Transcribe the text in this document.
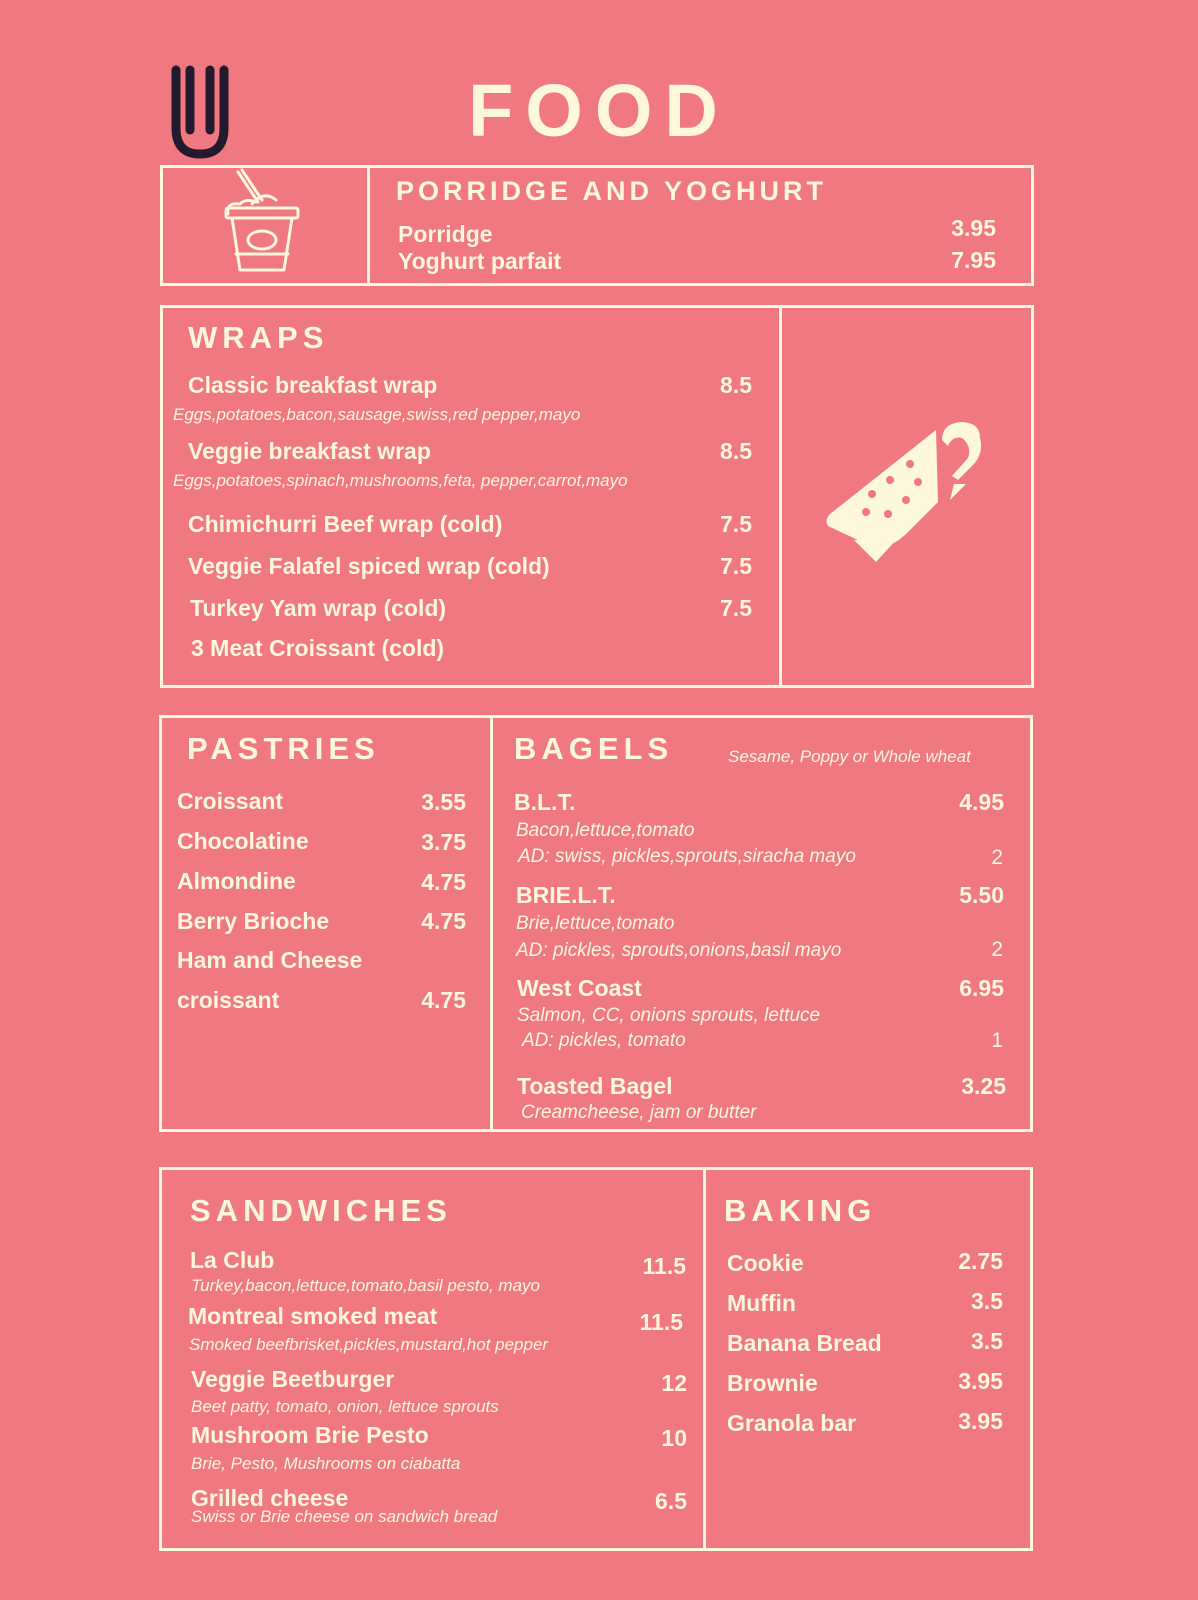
FOOD
PORRIDGE AND YOGHURT
Porridge	3.95
Yoghurt parfait	7.95
WRAPS
Classic breakfast wrap	8.5
Eggs,potatoes,bacon,sausage,swiss,red pepper,mayo
Veggie breakfast wrap	8.5
Eggs,potatoes,spinach,mushrooms,feta, pepper,carrot,mayo
Chimichurri Beef wrap (cold)	7.5
Veggie Falafel spiced wrap (cold)	7.5
Turkey Yam wrap (cold)	7.5
3 Meat Croissant (cold)
PASTRIES
Croissant	3.55
Chocolatine	3.75
Almondine	4.75
Berry Brioche	4.75
Ham and Cheese
croissant	4.75
BAGELS	Sesame, Poppy or Whole wheat
B.L.T.	4.95
Bacon,lettuce,tomato
AD: swiss, pickles,sprouts,siracha mayo	2
BRIE.L.T.	5.50
Brie,lettuce,tomato
AD: pickles, sprouts,onions,basil mayo	2
West Coast	6.95
Salmon, CC, onions sprouts, lettuce
AD: pickles, tomato	1
Toasted Bagel	3.25
Creamcheese, jam or butter
SANDWICHES
La Club	11.5
Turkey,bacon,lettuce,tomato,basil pesto, mayo
Montreal smoked meat	11.5
Smoked beefbrisket,pickles,mustard,hot pepper
Veggie Beetburger	12
Beet patty, tomato, onion, lettuce sprouts
Mushroom Brie Pesto	10
Brie, Pesto, Mushrooms on ciabatta
Grilled cheese	6.5
Swiss or Brie cheese on sandwich bread
BAKING
Cookie	2.75
Muffin	3.5
Banana Bread	3.5
Brownie	3.95
Granola bar	3.95
